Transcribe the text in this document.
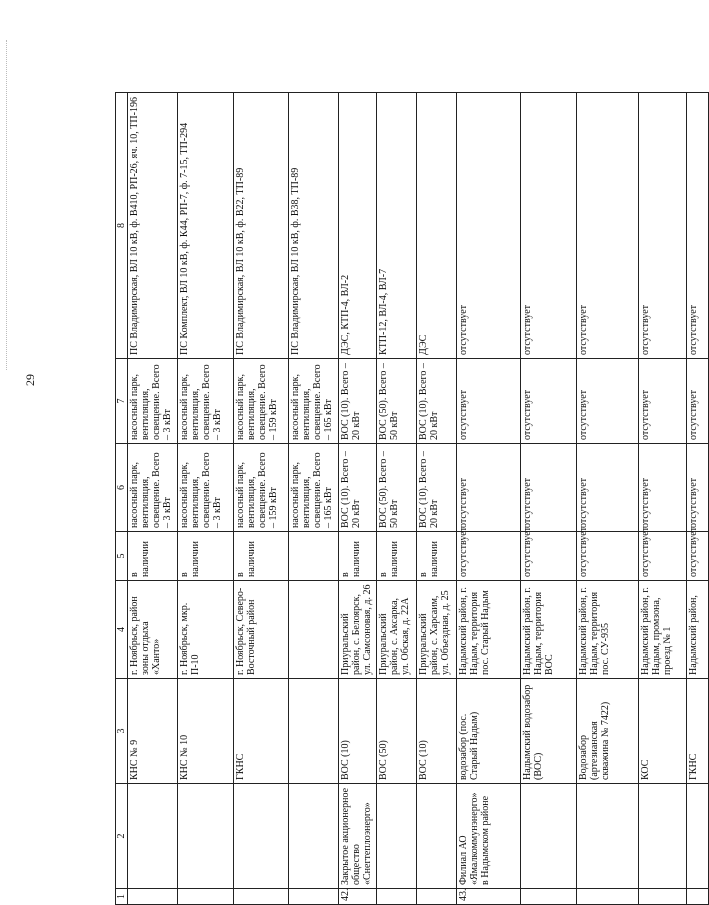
29
1	2	3	4	5	6	7	8
		КНС № 9	г. Ноябрьск, район зоны отдыха «Ханто»	в наличии	насосный парк, вентиляция, освещение. Всего – 3 кВт	насосный парк, вентиляция, освещение. Всего – 3 кВт	ПС Владимирская, ВЛ 10 кВ, ф. В410, РП-26, яч. 10, ТП-196
		КНС № 10	г. Ноябрьск, мкр. П-10	в наличии	насосный парк, вентиляция, освещение. Всего – 3 кВт	насосный парк, вентиляция, освещение. Всего – 3 кВт	ПС Комплект, ВЛ 10 кВ, ф. К44, РП-7, ф. 7-15, ТП-294
		ГКНС	г. Ноябрьск, Северо-Восточный район	в наличии	насосный парк, вентиляция, освещение. Всего – 159 кВт	насосный парк, вентиляция, освещение. Всего – 159 кВт	ПС Владимирская, ВЛ 10 кВ, ф. В22, ТП-89
					насосный парк, вентиляция, освещение. Всего – 165 кВт	насосный парк, вентиляция, освещение. Всего – 165 кВт	ПС Владимирская, ВЛ 10 кВ, ф. В38, ТП-89
42.	Закрытое акционерное общество «Снегтеплоэнерго»	ВОС (10)	Приуральский район, с. Белоярск, ул. Самсоновая, д. 26	в наличии	ВОС (10). Всего – 20 кВт	ВОС (10). Всего – 20 кВт	ДЭС, КТП-4, ВЛ-2
		ВОС (50)	Приуральский район, с. Аксарка, ул. Обская, д. 22А	в наличии	ВОС (50). Всего – 50 кВт	ВОС (50). Всего – 50 кВт	КТП-12, ВЛ-4, ВЛ-7
		ВОС (10)	Приуральский район, с. Харсаим, ул. Объездная, д. 25	в наличии	ВОС (10). Всего – 20 кВт	ВОС (10). Всего – 20 кВт	ДЭС
43.	Филиал АО «Ямалкоммунэнерго» в Надымском районе	водозабор (пос. Старый Надым)	Надымский район, г. Надым, территория пос. Старый Надым	отсутствует	отсутствует	отсутствует	отсутствует
		Надымский водозабор (ВОС)	Надымский район, г. Надым, территория ВОС	отсутствует	отсутствует	отсутствует	отсутствует
		Водозабор (артезианская скважина № 7422)	Надымский район, г. Надым, территория пос. СУ-935	отсутствует	отсутствует	отсутствует	отсутствует
		КОС	Надымский район, г. Надым, промзона, проезд № 1	отсутствует	отсутствует	отсутствует	отсутствует
		ГКНС	Надымский район,	отсутствует	отсутствует	отсутствует	отсутствует
